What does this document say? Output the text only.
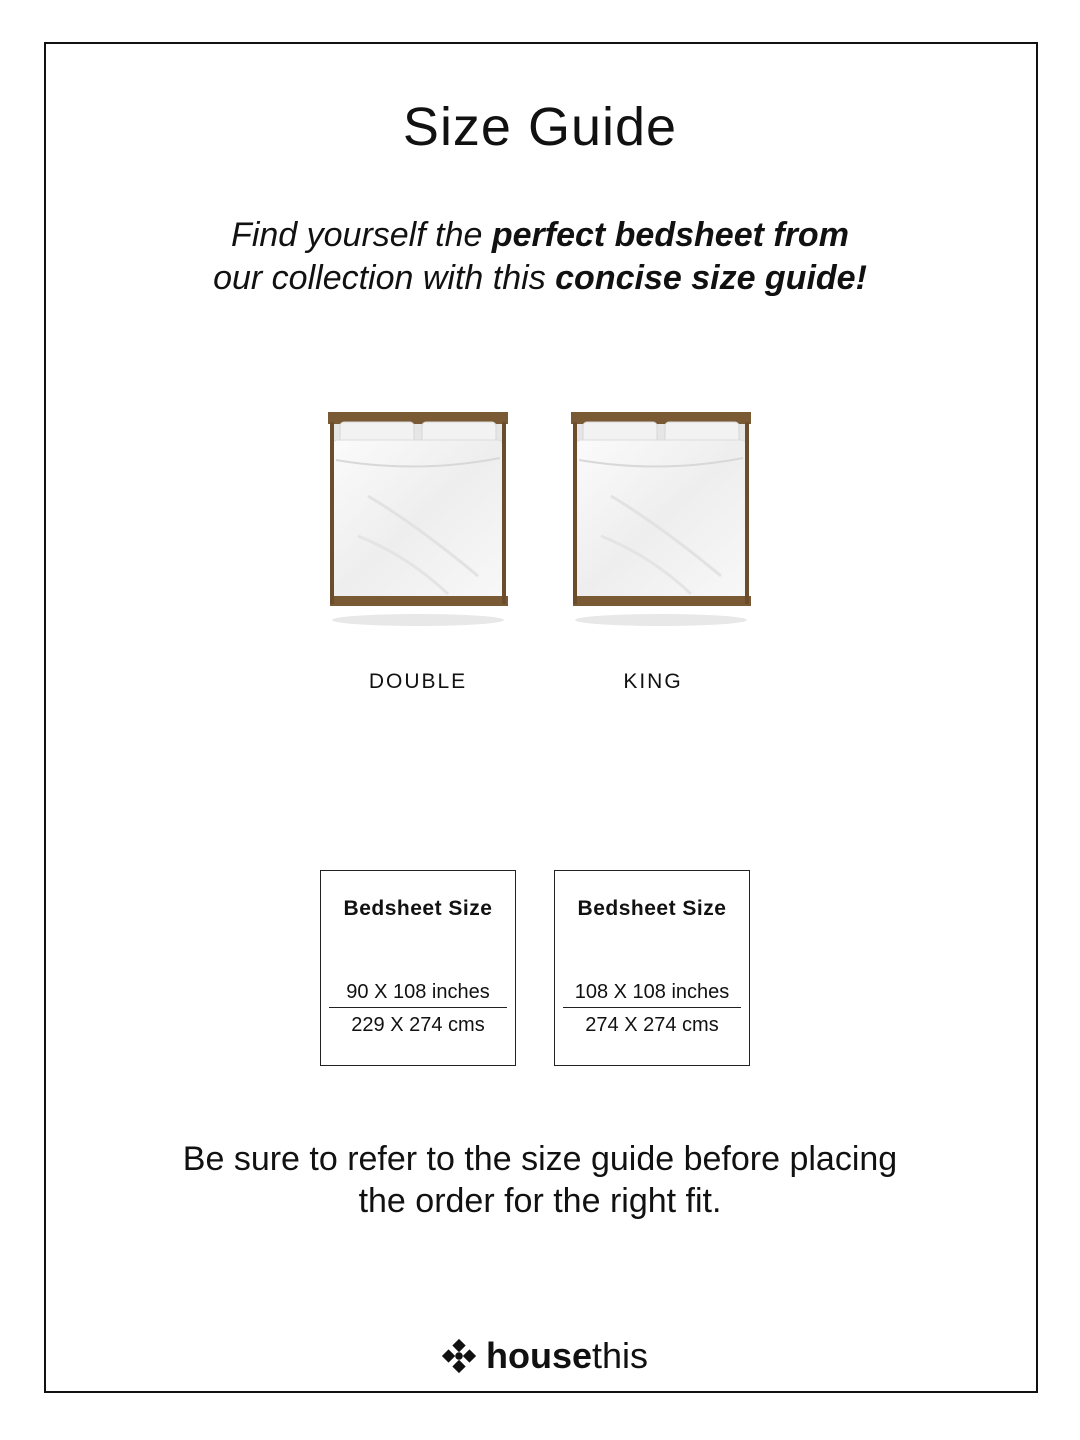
Size Guide
Find yourself the perfect bedsheet from
our collection with this concise size guide!
DOUBLE	KING
Bedsheet Size
90 X 108 inches
229 X 274 cms
Bedsheet Size
108 X 108 inches
274 X 274 cms
Be sure to refer to the size guide before placing
the order for the right fit.
housethis
